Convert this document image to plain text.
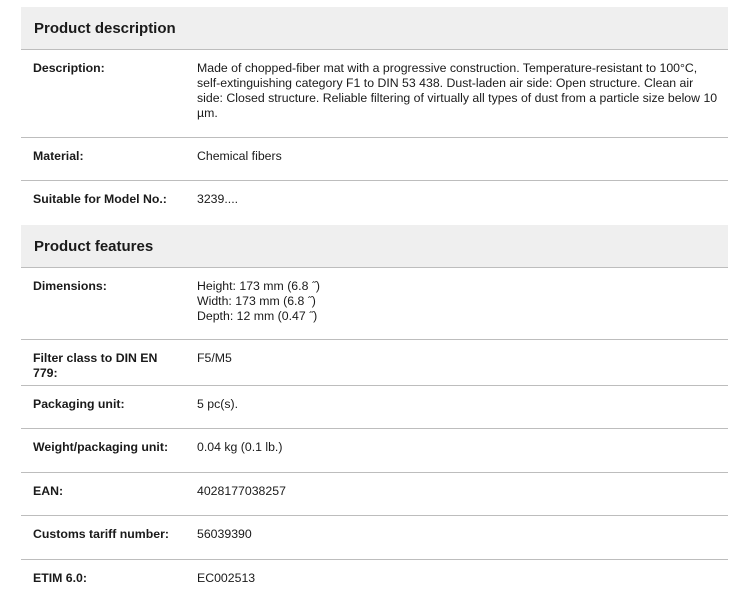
Product description
Description:	Made of chopped-fiber mat with a progressive construction. Temperature-resistant to 100°C, self-extinguishing category F1 to DIN 53 438. Dust-laden air side: Open structure. Clean air side: Closed structure. Reliable filtering of virtually all types of dust from a particle size below 10 µm.
Material:	Chemical fibers
Suitable for Model No.:	3239....
Product features
Dimensions:	Height: 173 mm (6.8 ˝)
Width: 173 mm (6.8 ˝)
Depth: 12 mm (0.47 ˝)
Filter class to DIN EN 779:
F5/M5
Packaging unit:	5 pc(s).
Weight/packaging unit:	0.04 kg (0.1 lb.)
EAN:	4028177038257
Customs tariff number:	56039390
ETIM 6.0:	EC002513
